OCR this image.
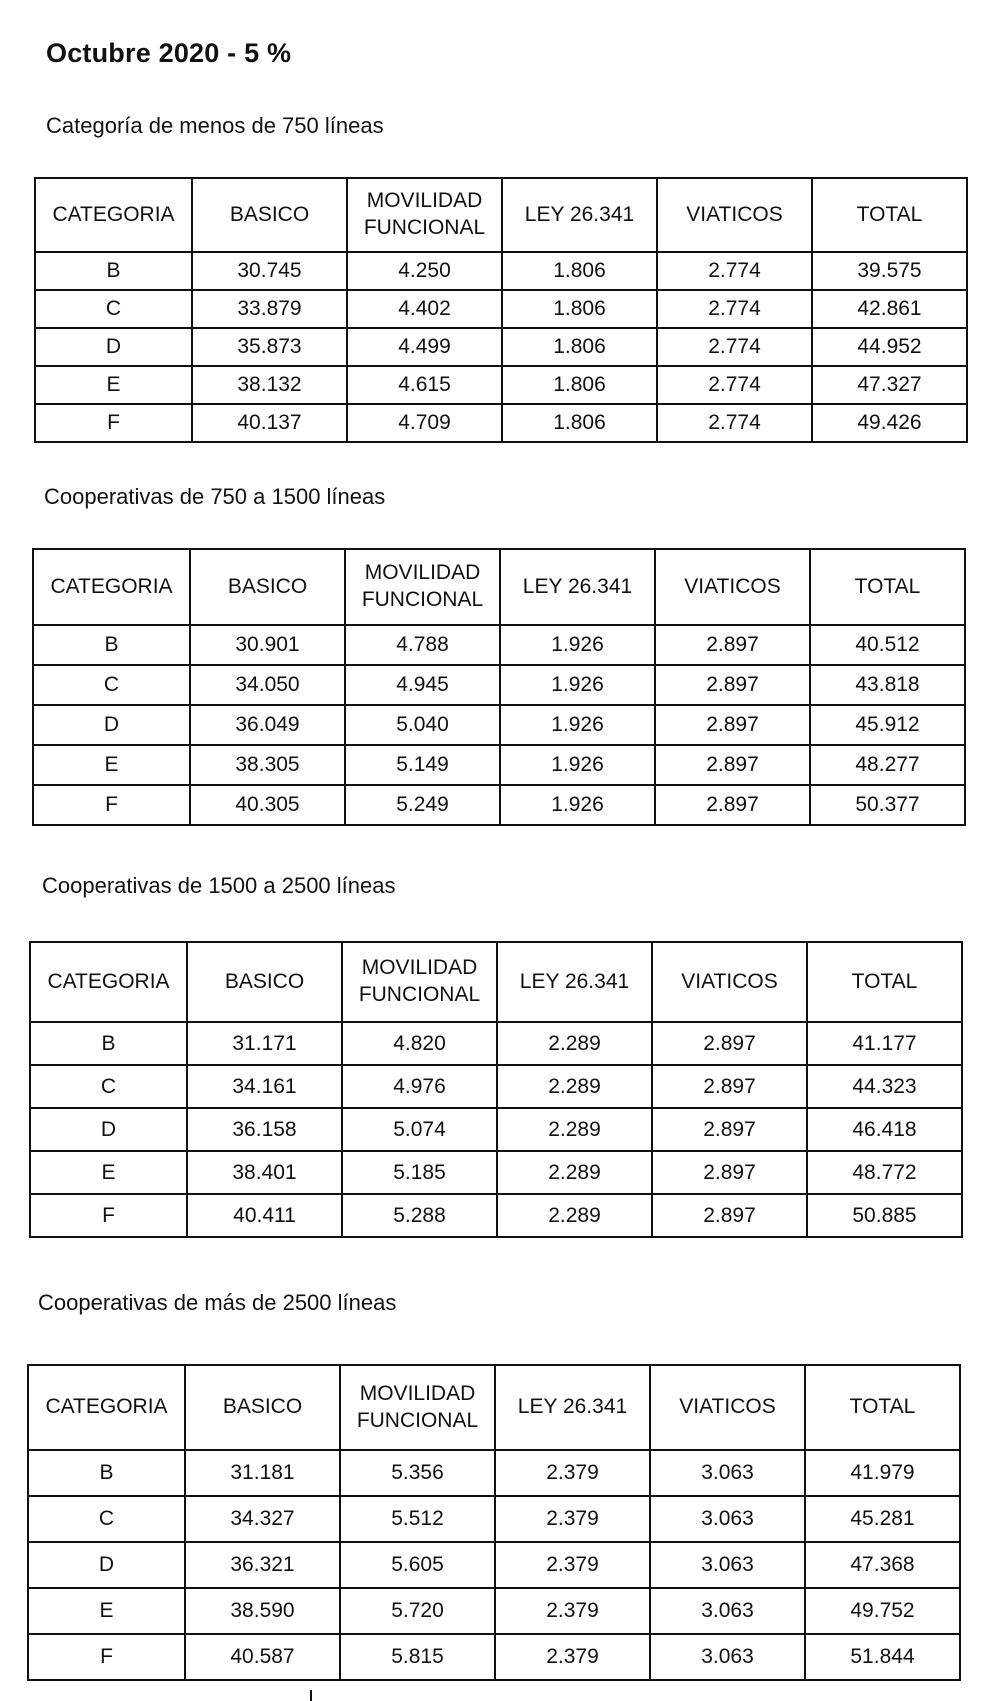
Octubre 2020 - 5 %
Categoría de menos de 750 líneas
CATEGORIA	BASICO	MOVILIDAD FUNCIONAL	LEY 26.341	VIATICOS	TOTAL
B	30.745	4.250	1.806	2.774	39.575
C	33.879	4.402	1.806	2.774	42.861
D	35.873	4.499	1.806	2.774	44.952
E	38.132	4.615	1.806	2.774	47.327
F	40.137	4.709	1.806	2.774	49.426
Cooperativas de 750 a 1500 líneas
CATEGORIA	BASICO	MOVILIDAD FUNCIONAL	LEY 26.341	VIATICOS	TOTAL
B	30.901	4.788	1.926	2.897	40.512
C	34.050	4.945	1.926	2.897	43.818
D	36.049	5.040	1.926	2.897	45.912
E	38.305	5.149	1.926	2.897	48.277
F	40.305	5.249	1.926	2.897	50.377
Cooperativas de 1500 a 2500 líneas
CATEGORIA	BASICO	MOVILIDAD FUNCIONAL	LEY 26.341	VIATICOS	TOTAL
B	31.171	4.820	2.289	2.897	41.177
C	34.161	4.976	2.289	2.897	44.323
D	36.158	5.074	2.289	2.897	46.418
E	38.401	5.185	2.289	2.897	48.772
F	40.411	5.288	2.289	2.897	50.885
Cooperativas de más de 2500 líneas
CATEGORIA	BASICO	MOVILIDAD FUNCIONAL	LEY 26.341	VIATICOS	TOTAL
B	31.181	5.356	2.379	3.063	41.979
C	34.327	5.512	2.379	3.063	45.281
D	36.321	5.605	2.379	3.063	47.368
E	38.590	5.720	2.379	3.063	49.752
F	40.587	5.815	2.379	3.063	51.844
